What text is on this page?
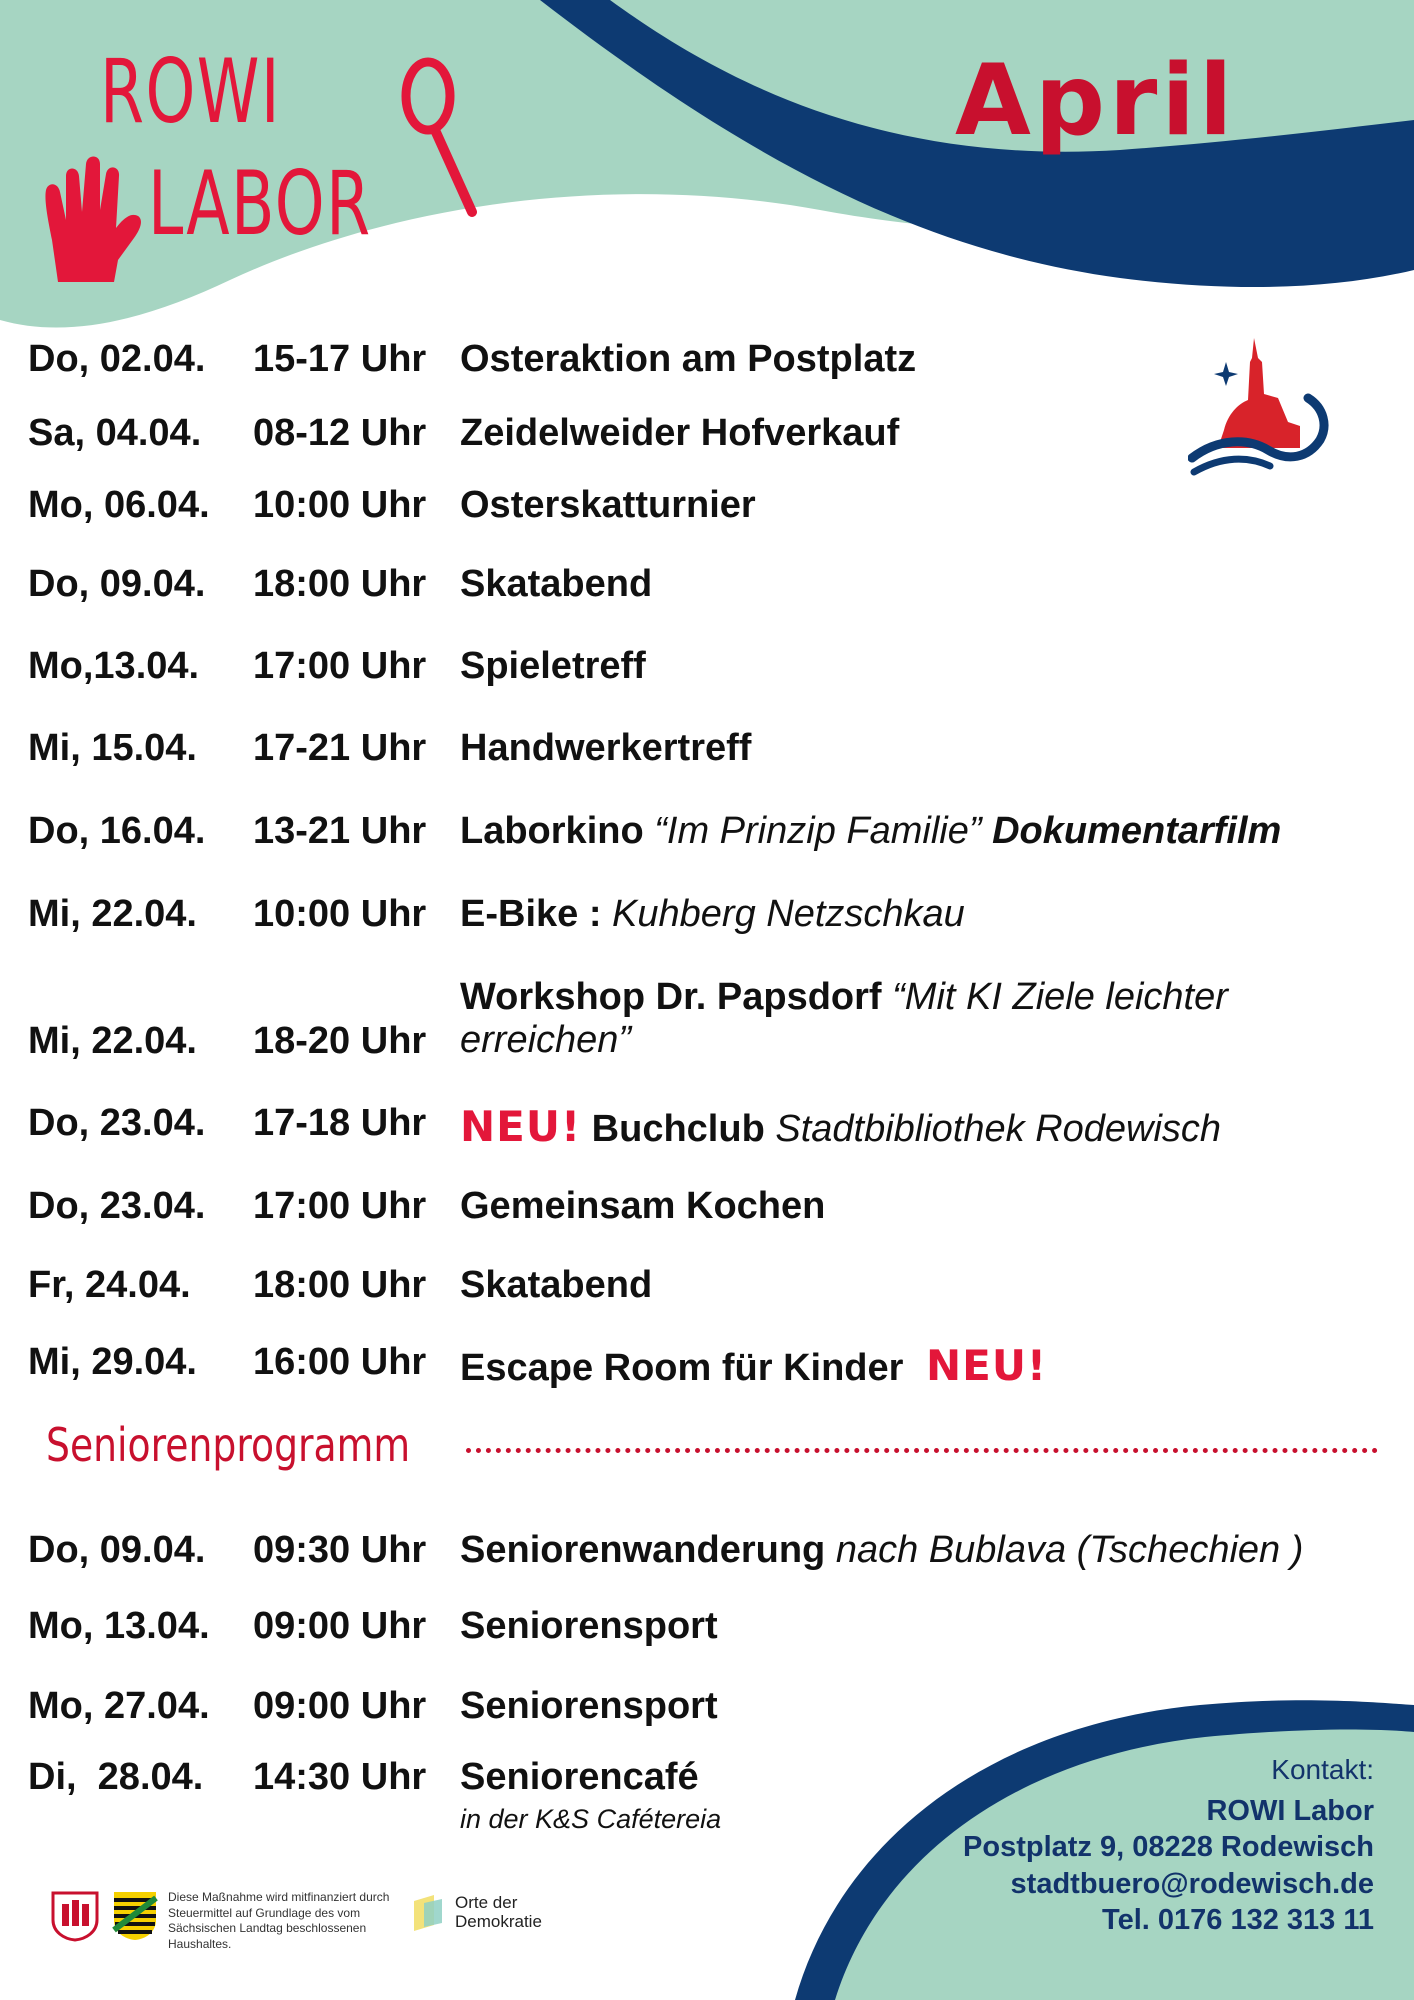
ROWI
LABOR
April
Do, 02.04. 15-17 Uhr Osteraktion am Postplatz
Sa, 04.04. 08-12 Uhr Zeidelweider Hofverkauf
Mo, 06.04. 10:00 Uhr Osterskatturnier
Do, 09.04. 18:00 Uhr Skatabend
Mo,13.04. 17:00 Uhr Spieletreff
Mi, 15.04. 17-21 Uhr Handwerkertreff
Do, 16.04. 13-21 Uhr Laborkino “Im Prinzip Familie” Dokumentarfilm
Mi, 22.04. 10:00 Uhr E-Bike : Kuhberg Netzschkau
Mi, 22.04. 18-20 Uhr
Workshop Dr. Papsdorf “Mit KI Ziele leichter erreichen”
Do, 23.04. 17-18 Uhr NEU! Buchclub Stadtbibliothek Rodewisch
Do, 23.04. 17:00 Uhr Gemeinsam Kochen
Fr, 24.04. 18:00 Uhr Skatabend
Mi, 29.04. 16:00 Uhr Escape Room für Kinder NEU!
Seniorenprogramm
Do, 09.04. 09:30 Uhr Seniorenwanderung nach Bublava (Tschechien )
Mo, 13.04. 09:00 Uhr Seniorensport
Mo, 27.04. 09:00 Uhr Seniorensport
Di,  28.04. 14:30 Uhr Seniorencafé
in der K&S Cafétereia
Kontakt:
ROWI Labor
Postplatz 9, 08228 Rodewisch
stadtbuero@rodewisch.de
Tel. 0176 132 313 11
Diese Maßnahme wird mitfinanziert durch Steuermittel auf Grundlage des vom Sächsischen Landtag beschlossenen Haushaltes.
Orte der Demokratie
